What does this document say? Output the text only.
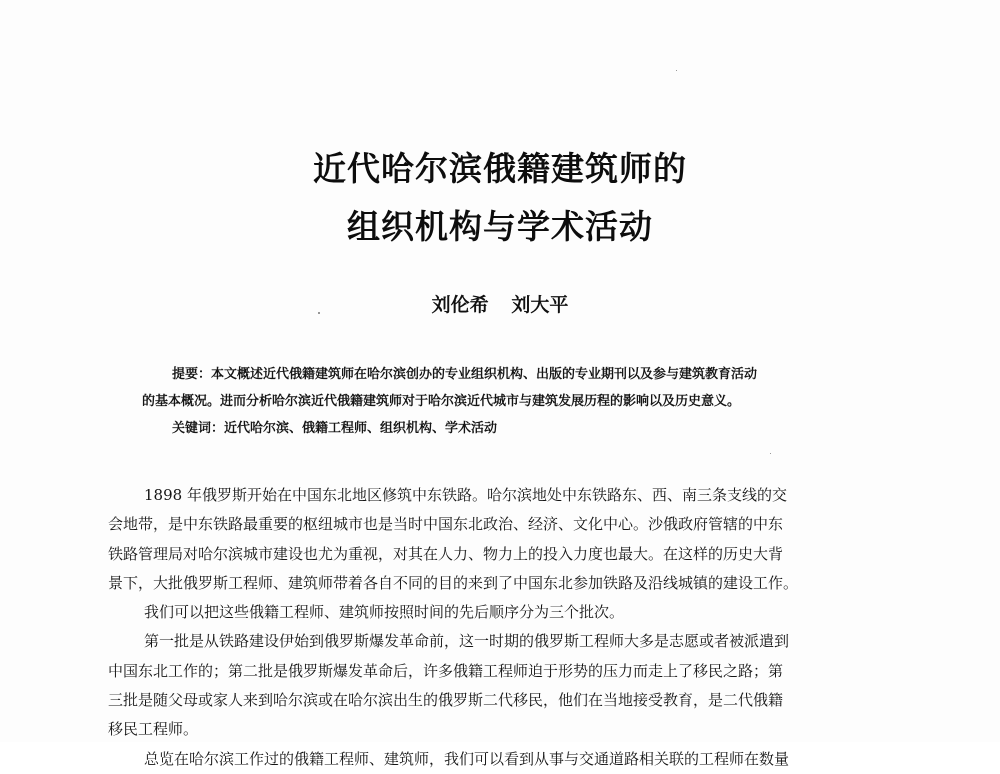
近代哈尔滨俄籍建筑师的
组织机构与学术活动
刘伦希 刘大平
提要：本文概述近代俄籍建筑师在哈尔滨创办的专业组织机构、出版的专业期刊以及参与建筑教育活动
的基本概况。进而分析哈尔滨近代俄籍建筑师对于哈尔滨近代城市与建筑发展历程的影响以及历史意义。
关键词：近代哈尔滨、俄籍工程师、组织机构、学术活动
1898 年俄罗斯开始在中国东北地区修筑中东铁路。哈尔滨地处中东铁路东、西、南三条支线的交
会地带，是中东铁路最重要的枢纽城市也是当时中国东北政治、经济、文化中心。沙俄政府管辖的中东
铁路管理局对哈尔滨城市建设也尤为重视，对其在人力、物力上的投入力度也最大。在这样的历史大背
景下，大批俄罗斯工程师、建筑师带着各自不同的目的来到了中国东北参加铁路及沿线城镇的建设工作。
我们可以把这些俄籍工程师、建筑师按照时间的先后顺序分为三个批次。
第一批是从铁路建设伊始到俄罗斯爆发革命前，这一时期的俄罗斯工程师大多是志愿或者被派遣到
中国东北工作的；第二批是俄罗斯爆发革命后，许多俄籍工程师迫于形势的压力而走上了移民之路；第
三批是随父母或家人来到哈尔滨或在哈尔滨出生的俄罗斯二代移民，他们在当地接受教育，是二代俄籍
移民工程师。
总览在哈尔滨工作过的俄籍工程师、建筑师，我们可以看到从事与交通道路相关联的工程师在数量
